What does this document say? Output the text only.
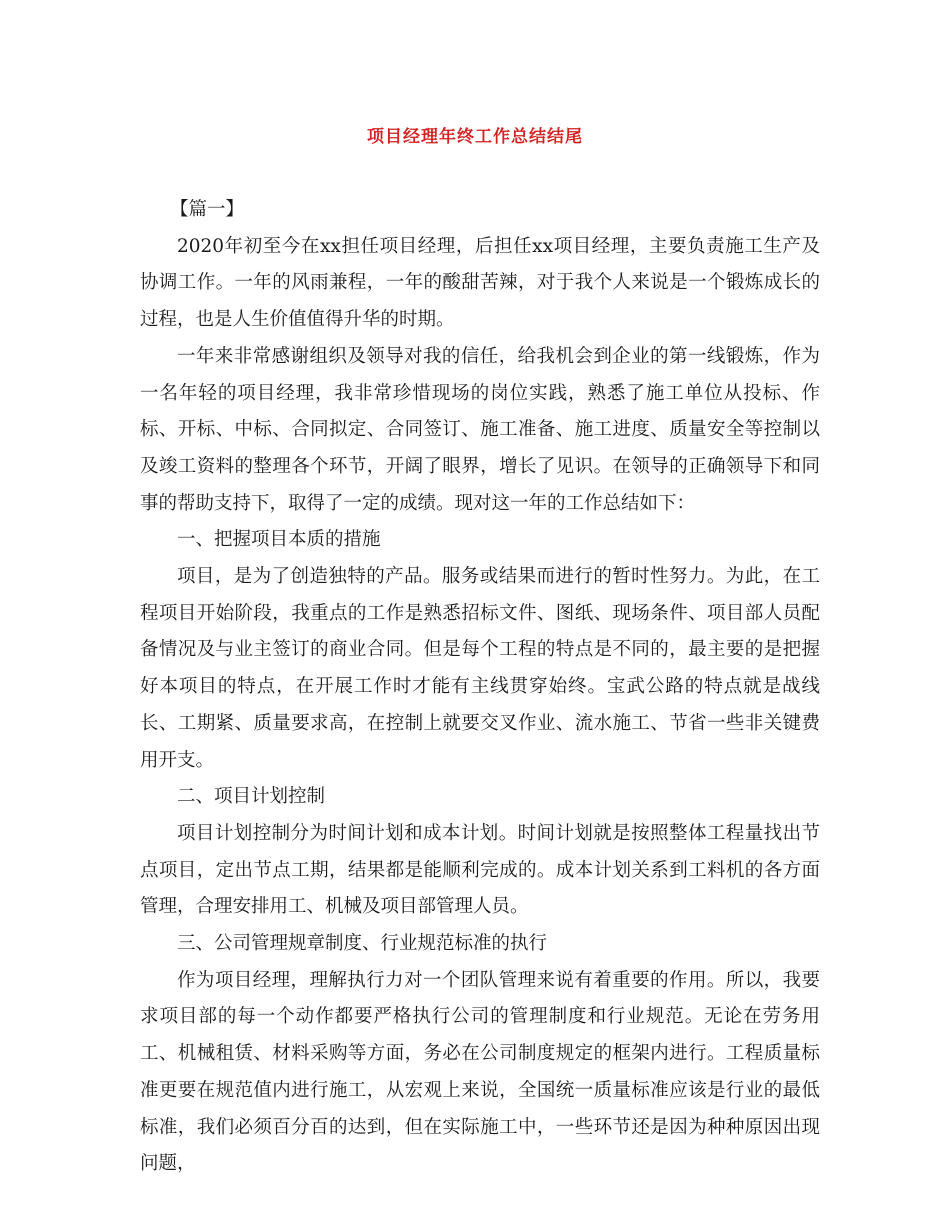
项目经理年终工作总结结尾

【篇一】

2020年初至今在xx担任项目经理，后担任xx项目经理，主要负责施工生产及协调工作。一年的风雨兼程，一年的酸甜苦辣，对于我个人来说是一个锻炼成长的过程，也是人生价值值得升华的时期。

一年来非常感谢组织及领导对我的信任，给我机会到企业的第一线锻炼，作为一名年轻的项目经理，我非常珍惜现场的岗位实践，熟悉了施工单位从投标、作标、开标、中标、合同拟定、合同签订、施工准备、施工进度、质量安全等控制以及竣工资料的整理各个环节，开阔了眼界，增长了见识。在领导的正确领导下和同事的帮助支持下，取得了一定的成绩。现对这一年的工作总结如下：

一、把握项目本质的措施

项目，是为了创造独特的产品。服务或结果而进行的暂时性努力。为此，在工程项目开始阶段，我重点的工作是熟悉招标文件、图纸、现场条件、项目部人员配备情况及与业主签订的商业合同。但是每个工程的特点是不同的，最主要的是把握好本项目的特点，在开展工作时才能有主线贯穿始终。宝武公路的特点就是战线长、工期紧、质量要求高，在控制上就要交叉作业、流水施工、节省一些非关键费用开支。

二、项目计划控制

项目计划控制分为时间计划和成本计划。时间计划就是按照整体工程量找出节点项目，定出节点工期，结果都是能顺利完成的。成本计划关系到工料机的各方面管理，合理安排用工、机械及项目部管理人员。

三、公司管理规章制度、行业规范标准的执行

作为项目经理，理解执行力对一个团队管理来说有着重要的作用。所以，我要求项目部的每一个动作都要严格执行公司的管理制度和行业规范。无论在劳务用工、机械租赁、材料采购等方面，务必在公司制度规定的框架内进行。工程质量标准更要在规范值内进行施工，从宏观上来说，全国统一质量标准应该是行业的最低标准，我们必须百分百的达到，但在实际施工中，一些环节还是因为种种原因出现问题，
